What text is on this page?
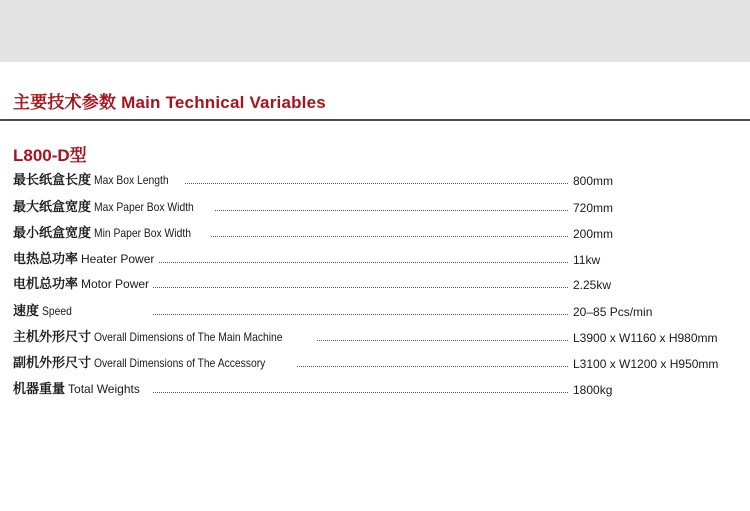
主要技术参数 Main Technical Variables
L800-D型
最长纸盒长度 Max Box Length	800mm
最大纸盒宽度 Max Paper Box Width	720mm
最小纸盒宽度 Min Paper Box Width	200mm
电热总功率 Heater Power	11kw
电机总功率 Motor Power	2.25kw
速度 Speed	20–85 Pcs/min
主机外形尺寸 Overall Dimensions of The Main Machine	L3900 x W1160 x H980mm
副机外形尺寸 Overall Dimensions of The Accessory	L3100 x W1200 x H950mm
机器重量 Total Weights	1800kg
